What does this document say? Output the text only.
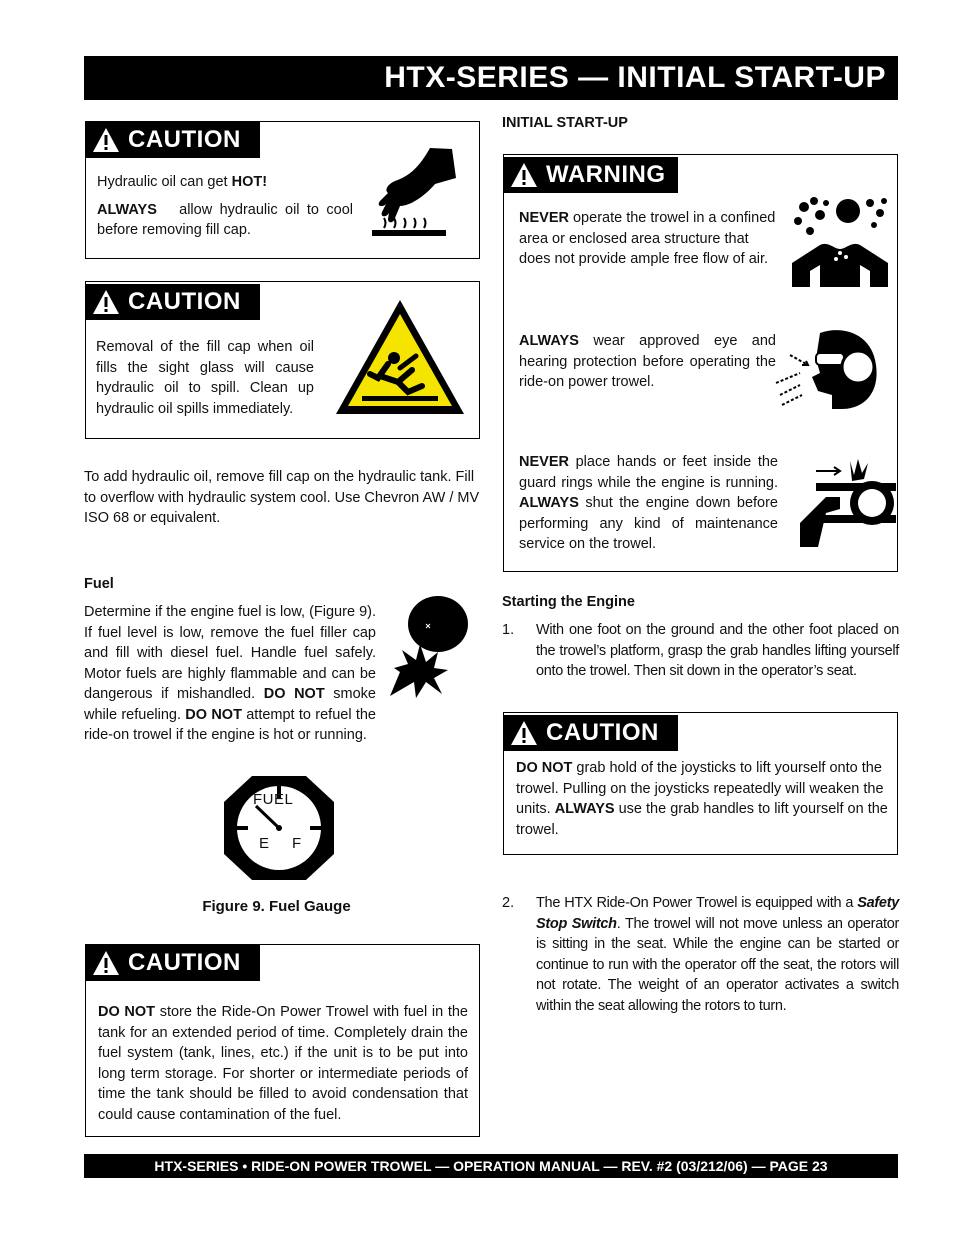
HTX-SERIES — INITIAL START-UP
CAUTION
Hydraulic oil can get HOT!
ALWAYS allow hydraulic oil to cool before removing fill cap.
CAUTION
Removal of the fill cap when oil fills the sight glass will cause hydraulic oil to spill. Clean up hydraulic oil spills immediately.
To add hydraulic oil, remove fill cap on the hydraulic tank. Fill to overflow with hydraulic system cool. Use Chevron AW / MV ISO 68 or equivalent.
Fuel
Determine if the engine fuel is low, (Figure 9). If fuel level is low, remove the fuel filler cap and fill with diesel fuel. Handle fuel safely. Motor fuels are highly flammable and can be dangerous if mishandled. DO NOT smoke while refueling. DO NOT attempt to refuel the ride-on trowel if the engine is hot or running.
FUEL
E F
Figure 9. Fuel Gauge
CAUTION
DO NOT store the Ride-On Power Trowel with fuel in the tank for an extended period of time. Completely drain the fuel system (tank, lines, etc.) if the unit is to be put into long term storage. For shorter or intermediate periods of time the tank should be filled to avoid condensation that could cause contamination of the fuel.
INITIAL START-UP
WARNING
NEVER operate the trowel in a confined area or enclosed area structure that does not provide ample free flow of air.
ALWAYS wear approved eye and hearing protection before operating the ride-on power trowel.
NEVER place hands or feet inside the guard rings while the engine is running. ALWAYS shut the engine down before performing any kind of maintenance service on the trowel.
Starting the Engine
1.	With one foot on the ground and the other foot placed on the trowel’s platform, grasp the grab handles lifting yourself onto the trowel. Then sit down in the operator’s seat.
CAUTION
DO NOT grab hold of the joysticks to lift yourself onto the trowel. Pulling on the joysticks repeatedly will weaken the units. ALWAYS use the grab handles to lift yourself on the trowel.
2.	The HTX Ride-On Power Trowel is equipped with a Safety Stop Switch. The trowel will not move unless an operator is sitting in the seat. While the engine can be started or continue to run with the operator off the seat, the rotors will not rotate. The weight of an operator activates a switch within the seat allowing the rotors to turn.
HTX-SERIES • RIDE-ON POWER TROWEL — OPERATION MANUAL — REV. #2 (03/212/06) — PAGE 23
